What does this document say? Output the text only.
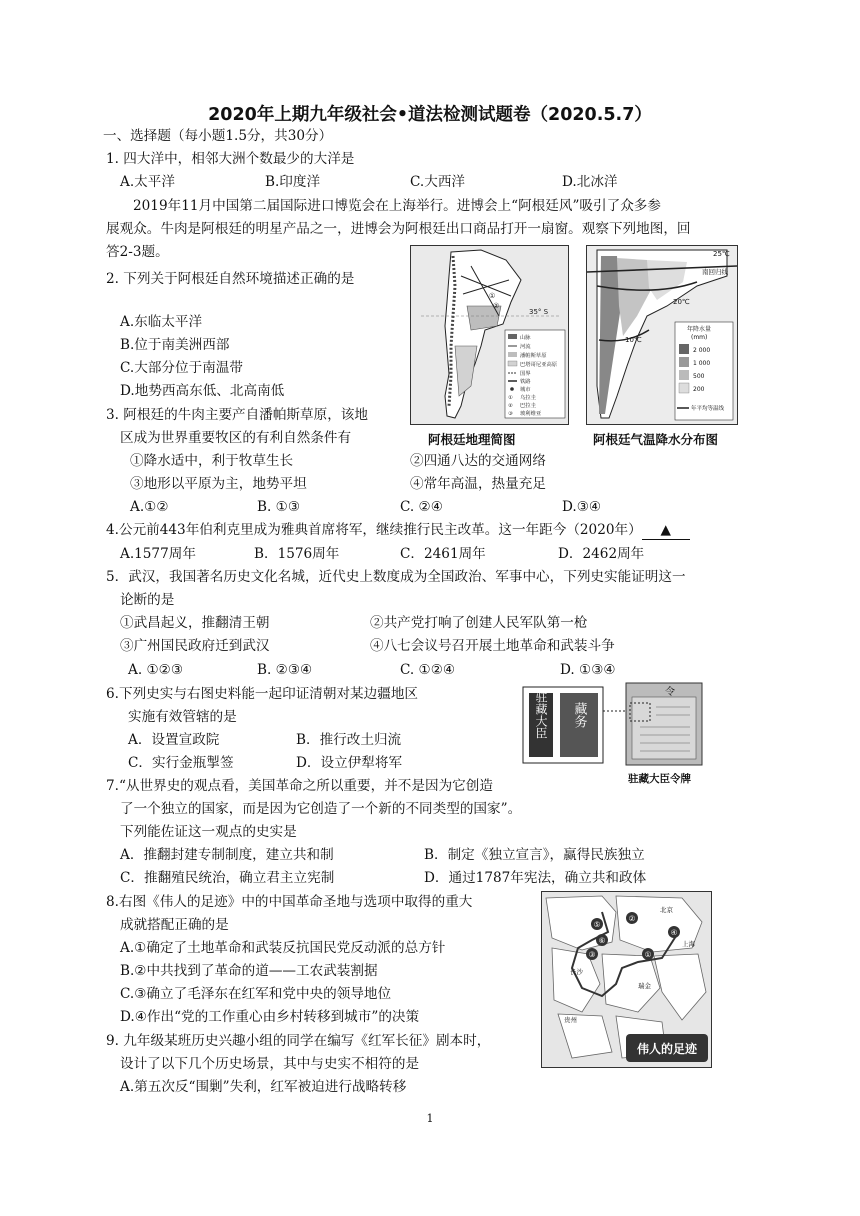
2020年上期九年级社会•道法检测试题卷（2020.5.7）
一、选择题（每小题1.5分，共30分）
1. 四大洋中，相邻大洲个数最少的大洋是
A.太平洋	B.印度洋	C.大西洋	D.北冰洋
2019年11月中国第二届国际进口博览会在上海举行。进博会上“阿根廷风”吸引了众多参
展观众。牛肉是阿根廷的明星产品之一，进博会为阿根廷出口商品打开一扇窗。观察下列地图，回
答2-3题。
2. 下列关于阿根廷自然环境描述正确的是
A.东临太平洋
B.位于南美洲西部
C.大部分位于南温带
D.地势西高东低、北高南低
35° S
①
②
山脉
河流
潘帕斯草原
巴塔哥尼亚高原
国界
铁路
城市
① 乌拉圭
② 巴拉圭
③ 玻利维亚
阿根廷地理简图
25℃
南回归线
20℃
10℃
年降水量
(mm)
2 000
1 000
500
200
年平均等温线
阿根廷气温降水分布图
3. 阿根廷的牛肉主要产自潘帕斯草原，该地
区成为世界重要牧区的有利自然条件有
①降水适中，利于牧草生长	②四通八达的交通网络
③地形以平原为主，地势平坦	④常年高温，热量充足
A.①②	B. ①③	C. ②④	D.③④
4.公元前443年伯利克里成为雅典首席将军，继续推行民主改革。这一年距今（2020年） ▲
A.1577周年	B．1576周年	C．2461周年	D．2462周年
5．武汉，我国著名历史文化名城，近代史上数度成为全国政治、军事中心，下列史实能证明这一
论断的是
①武昌起义，推翻清王朝	②共产党打响了创建人民军队第一枪
③广州国民政府迁到武汉	④八七会议号召开展土地革命和武装斗争
A. ①②③	B. ②③④	C. ①②④	D. ①③④
6.下列史实与右图史料能一起印证清朝对某边疆地区
实施有效管辖的是
A．设置宣政院	B．推行改土归流
C．实行金瓶掣签	D．设立伊犁将军
驻藏大臣 藏务
令
驻藏大臣令牌
7.“从世界史的观点看，美国革命之所以重要，并不是因为它创造
了一个独立的国家，而是因为它创造了一个新的不同类型的国家”。
下列能佐证这一观点的史实是
A．推翻封建专制制度，建立共和制	B．制定《独立宣言》，赢得民族独立
C．推翻殖民统治，确立君主立宪制	D．通过1787年宪法，确立共和政体
8.右图《伟人的足迹》中的中国革命圣地与选项中取得的重大
成就搭配正确的是
A.①确定了土地革命和武装反抗国民党反动派的总方针
B.②中共找到了革命的道——工农武装割据
C.③确立了毛泽东在红军和党中央的领导地位
D.④作出“党的工作重心由乡村转移到城市”的决策
⑤
⑥
②
③	①
④
上海
长沙
瑞金
贵州
北京
伟人的足迹
9. 九年级某班历史兴趣小组的同学在编写《红军长征》剧本时，
设计了以下几个历史场景，其中与史实不相符的是
A.第五次反“围剿”失利，红军被迫进行战略转移
1
